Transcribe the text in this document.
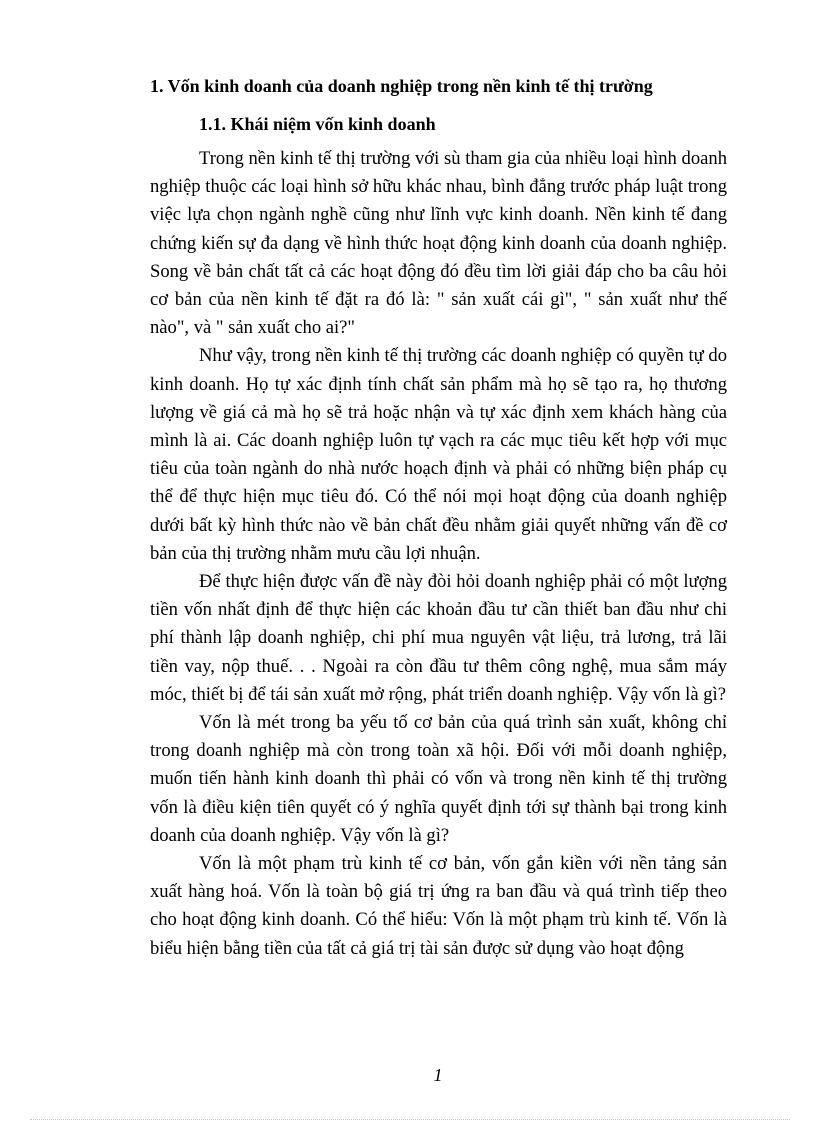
1. Vốn kinh doanh của doanh nghiệp trong nền kinh tế thị trường
1.1. Khái niệm vốn kinh doanh

Trong nền kinh tế thị trường với sù tham gia của nhiều loại hình doanh nghiệp thuộc các loại hình sở hữu khác nhau, bình đẳng trước pháp luật trong việc lựa chọn ngành nghề cũng như lĩnh vực kinh doanh. Nền kinh tế đang chứng kiến sự đa dạng về hình thức hoạt động kinh doanh của doanh nghiệp. Song về bản chất tất cả các hoạt động đó đều tìm lời giải đáp cho ba câu hỏi cơ bản của nền kinh tế đặt ra đó là: " sản xuất cái gì", " sản xuất như thế nào", và " sản xuất cho ai?"

Như vậy, trong nền kinh tế thị trường các doanh nghiệp có quyền tự do kinh doanh. Họ tự xác định tính chất sản phẩm mà họ sẽ tạo ra, họ thương lượng về giá cả mà họ sẽ trả hoặc nhận và tự xác định xem khách hàng của mình là ai. Các doanh nghiệp luôn tự vạch ra các mục tiêu kết hợp với mục tiêu của toàn ngành do nhà nước hoạch định và phải có những biện pháp cụ thể để thực hiện mục tiêu đó. Có thể nói mọi hoạt động của doanh nghiệp dưới bất kỳ hình thức nào về bản chất đều nhằm giải quyết những vấn đề cơ bản của thị trường nhằm mưu cầu lợi nhuận.

Để thực hiện được vấn đề này đòi hỏi doanh nghiệp phải có một lượng tiền vốn nhất định để thực hiện các khoản đầu tư cần thiết ban đầu như chi phí thành lập doanh nghiệp, chi phí mua nguyên vật liệu, trả lương, trả lãi tiền vay, nộp thuế. . . Ngoài ra còn đầu tư thêm công nghệ, mua sắm máy móc, thiết bị để tái sản xuất mở rộng, phát triển doanh nghiệp. Vậy vốn là gì?

Vốn là mét trong ba yếu tố cơ bản của quá trình sản xuất, không chỉ trong doanh nghiệp mà còn trong toàn xã hội. Đối với mỗi doanh nghiệp, muốn tiến hành kinh doanh thì phải có vốn và trong nền kinh tế thị trường vốn là điều kiện tiên quyết có ý nghĩa quyết định tới sự thành bại trong kinh doanh của doanh nghiệp. Vậy vốn là gì?

Vốn là một phạm trù kinh tế cơ bản, vốn gắn kiền với nền tảng sản xuất hàng hoá. Vốn là toàn bộ giá trị ứng ra ban đầu và quá trình tiếp theo cho hoạt động kinh doanh. Có thể hiểu: Vốn là một phạm trù kinh tế. Vốn là biểu hiện bằng tiền của tất cả giá trị tài sản được sử dụng vào hoạt động

1
